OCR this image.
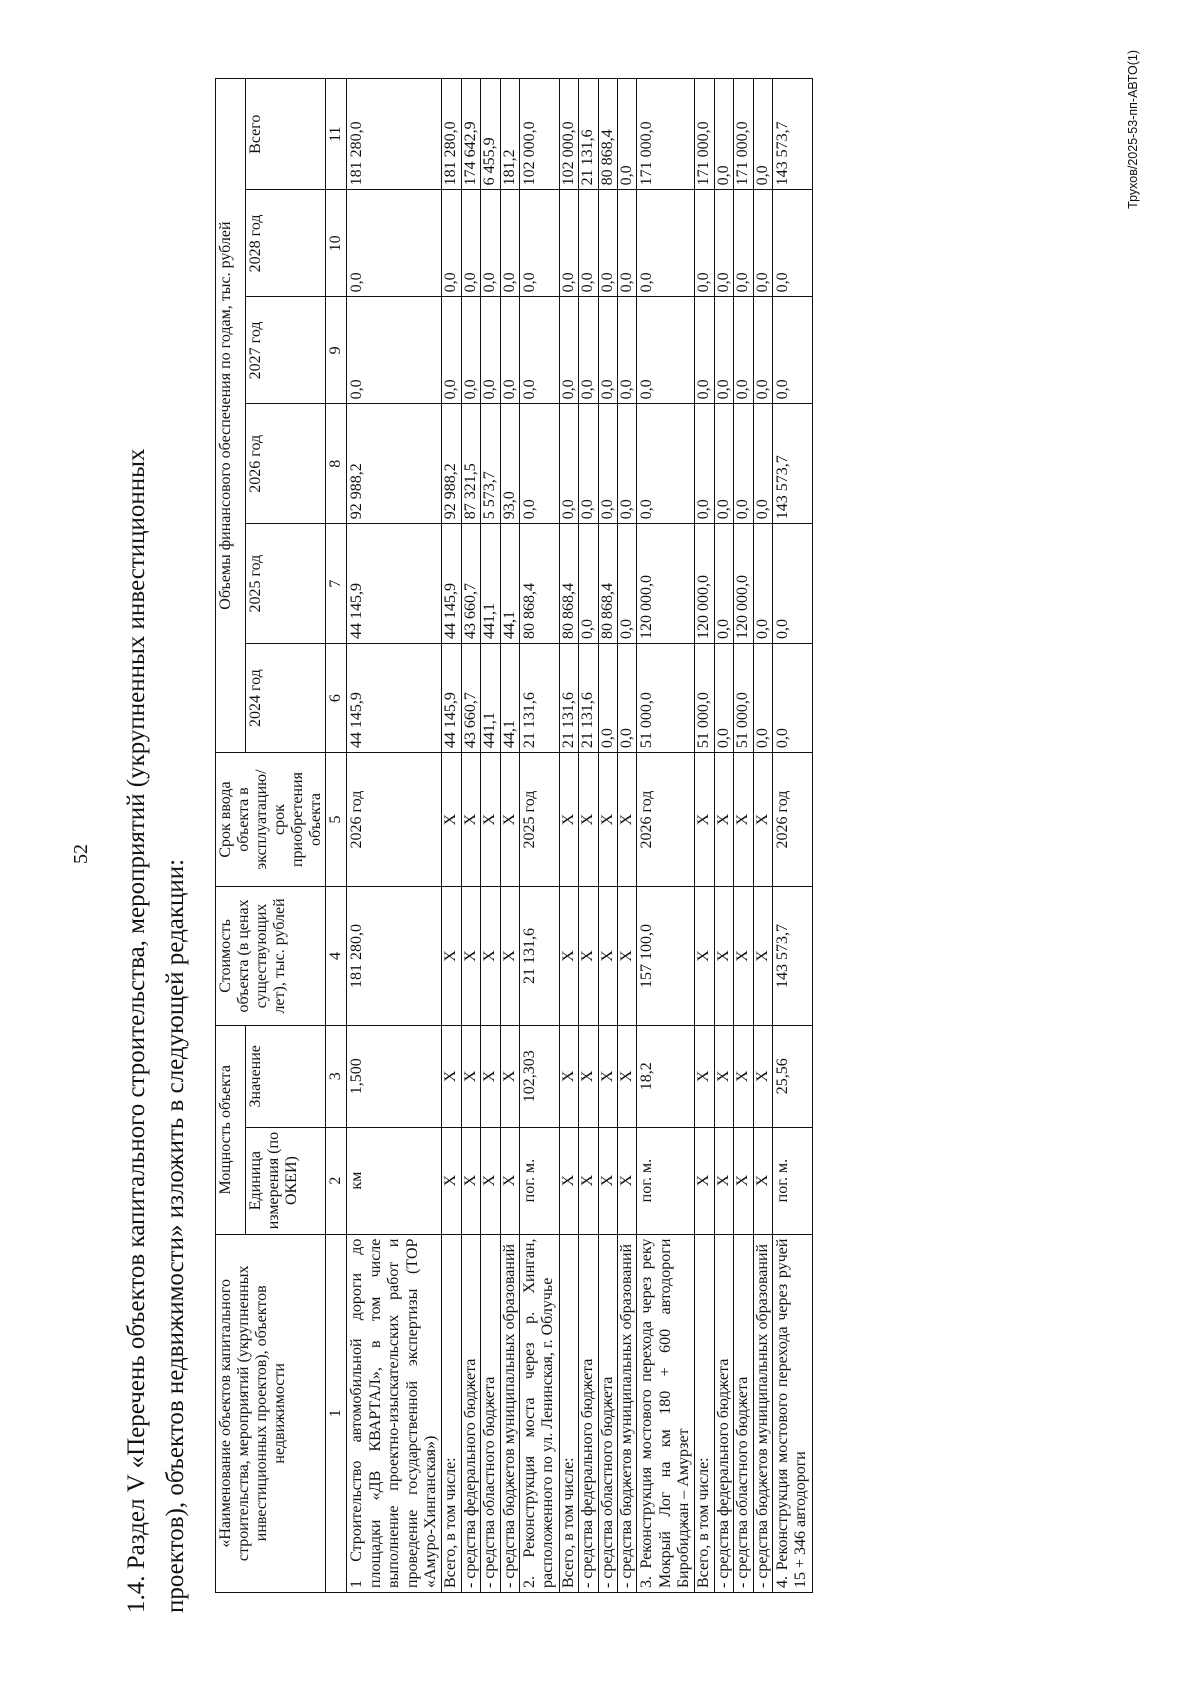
52 1.4. Раздел V «Перечень объектов капитального строительства, мероприятий (укрупненных инвестиционных проектов), объектов недвижимости» изложить в следующей редакции:	«Наименование объектов капитального строительства, мероприятий (укрупненных инвестиционных проектов), объектов недвижимости	Мощность объекта		Стоимость объекта (в ценах существующих лет), тыс. рублей	Срок ввода объекта в эксплуатацию/ срок приобретения объекта	Объемы финансового обеспечения по годам, тыс. рублей					
	Единица измерения (по ОКЕИ)	Значение			2024 год	2025 год	2026 год	2027 год	2028 год	Всего
1	2	3	4	5	6	7	8	9	10	11
1 Строительство автомобильной дороги до площадки «ДВ КВАРТАЛ», в том числе выполнение проектно-изыскательских работ и проведение государственной экспертизы (ТОР «Амуро-Хинганская»)	км	1,500	181 280,0	2026 год	44 145,9	44 145,9	92 988,2	0,0	0,0	181 280,0
Всего, в том числе:	Х	Х	Х	Х	44 145,9	44 145,9	92 988,2	0,0	0,0	181 280,0
- средства федерального бюджета	Х	Х	Х	Х	43 660,7	43 660,7	87 321,5	0,0	0,0	174 642,9
- средства областного бюджета	Х	Х	Х	Х	441,1	441,1	5 573,7	0,0	0,0	6 455,9
- средства бюджетов муниципальных образований	Х	Х	Х	Х	44,1	44,1	93,0	0,0	0,0	181,2
2. Реконструкция моста через р. Хинган, расположенного по ул. Ленинская, г. Облучье	пог. м.	102,303	21 131,6	2025 год	21 131,6	80 868,4	0,0	0,0	0,0	102 000,0
Всего, в том числе:	Х	Х	Х	Х	21 131,6	80 868,4	0,0	0,0	0,0	102 000,0
- средства федерального бюджета	Х	Х	Х	Х	21 131,6	0,0	0,0	0,0	0,0	21 131,6
- средства областного бюджета	Х	Х	Х	Х	0,0	80 868,4	0,0	0,0	0,0	80 868,4
- средства бюджетов муниципальных образований	Х	Х	Х	Х	0,0	0,0	0,0	0,0	0,0	0,0
3. Реконструкция мостового перехода через реку Мокрый Лог на км 180 + 600 автодороги Биробиджан – Амурзет	пог. м.	18,2	157 100,0	2026 год	51 000,0	120 000,0	0,0	0,0	0,0	171 000,0
Всего, в том числе:	Х	Х	Х	Х	51 000,0	120 000,0	0,0	0,0	0,0	171 000,0
- средства федерального бюджета	Х	Х	Х	Х	0,0	0,0	0,0	0,0	0,0	0,0
- средства областного бюджета	Х	Х	Х	Х	51 000,0	120 000,0	0,0	0,0	0,0	171 000,0
- средства бюджетов муниципальных образований	Х	Х	Х	Х	0,0	0,0	0,0	0,0	0,0	0,0
4. Реконструкция мостового перехода через ручей 15 + 346 автодороги	пог. м.	25,56	143 573,7	2026 год	0,0	0,0	143 573,7	0,0	0,0	143 573,7	Трухов/2025-53-пп-АВТО(1)
